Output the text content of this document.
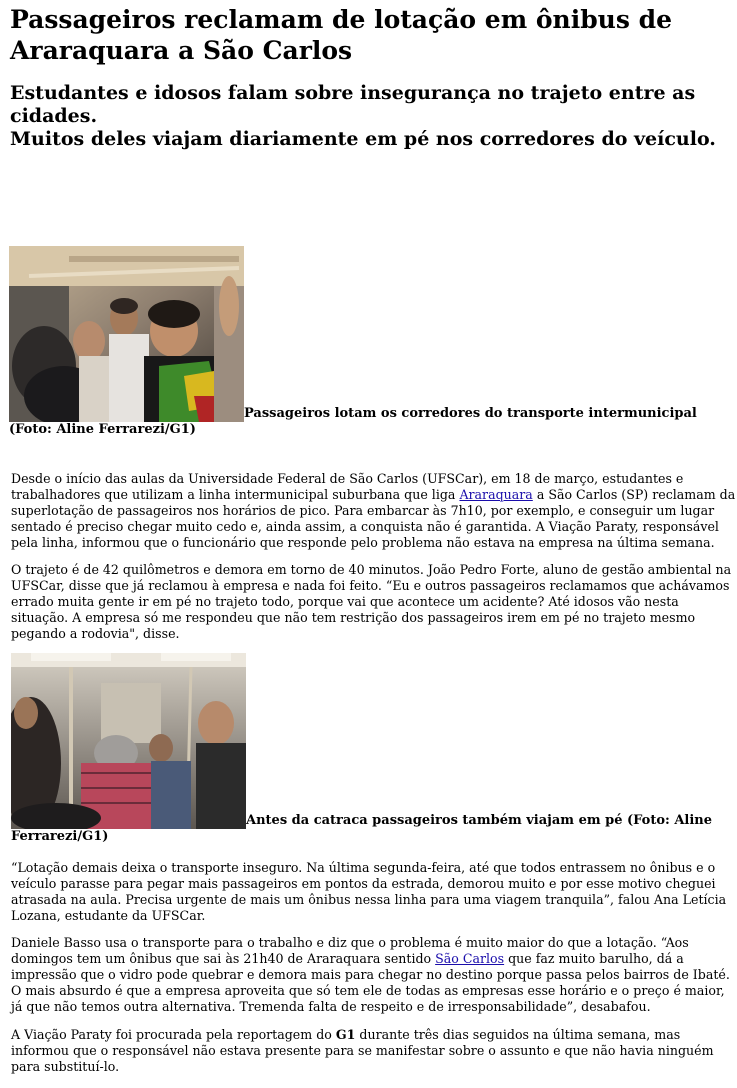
Passageiros reclamam de lotação em ônibus de Araraquara a São Carlos
Estudantes e idosos falam sobre insegurança no trajeto entre as cidades.
Muitos deles viajam diariamente em pé nos corredores do veículo.
Passageiros lotam os corredores do transporte intermunicipal (Foto: Aline Ferrarezi/G1)

Desde o início das aulas da Universidade Federal de São Carlos (UFSCar), em 18 de março, estudantes e trabalhadores que utilizam a linha intermunicipal suburbana que liga Araraquara a São Carlos (SP) reclamam da superlotação de passageiros nos horários de pico. Para embarcar às 7h10, por exemplo, e conseguir um lugar sentado é preciso chegar muito cedo e, ainda assim, a conquista não é garantida. A Viação Paraty, responsável pela linha, informou que o funcionário que responde pelo problema não estava na empresa na última semana.

O trajeto é de 42 quilômetros e demora em torno de 40 minutos. João Pedro Forte, aluno de gestão ambiental na UFSCar, disse que já reclamou à empresa e nada foi feito. “Eu e outros passageiros reclamamos que achávamos errado muita gente ir em pé no trajeto todo, porque vai que acontece um acidente? Até idosos vão nesta situação. A empresa só me respondeu que não tem restrição dos passageiros irem em pé no trajeto mesmo pegando a rodovia", disse.

Antes da catraca passageiros também viajam em pé (Foto: Aline Ferrarezi/G1)

“Lotação demais deixa o transporte inseguro. Na última segunda-feira, até que todos entrassem no ônibus e o veículo parasse para pegar mais passageiros em pontos da estrada, demorou muito e por esse motivo cheguei atrasada na aula. Precisa urgente de mais um ônibus nessa linha para uma viagem tranquila”, falou Ana Letícia Lozana, estudante da UFSCar.

Daniele Basso usa o transporte para o trabalho e diz que o problema é muito maior do que a lotação. “Aos domingos tem um ônibus que sai às 21h40 de Araraquara sentido São Carlos que faz muito barulho, dá a impressão que o vidro pode quebrar e demora mais para chegar no destino porque passa pelos bairros de Ibaté. O mais absurdo é que a empresa aproveita que só tem ele de todas as empresas esse horário e o preço é maior, já que não temos outra alternativa. Tremenda falta de respeito e de irresponsabilidade”, desabafou.

A Viação Paraty foi procurada pela reportagem do G1 durante três dias seguidos na última semana, mas informou que o responsável não estava presente para se manifestar sobre o assunto e que não havia ninguém para substituí-lo.
